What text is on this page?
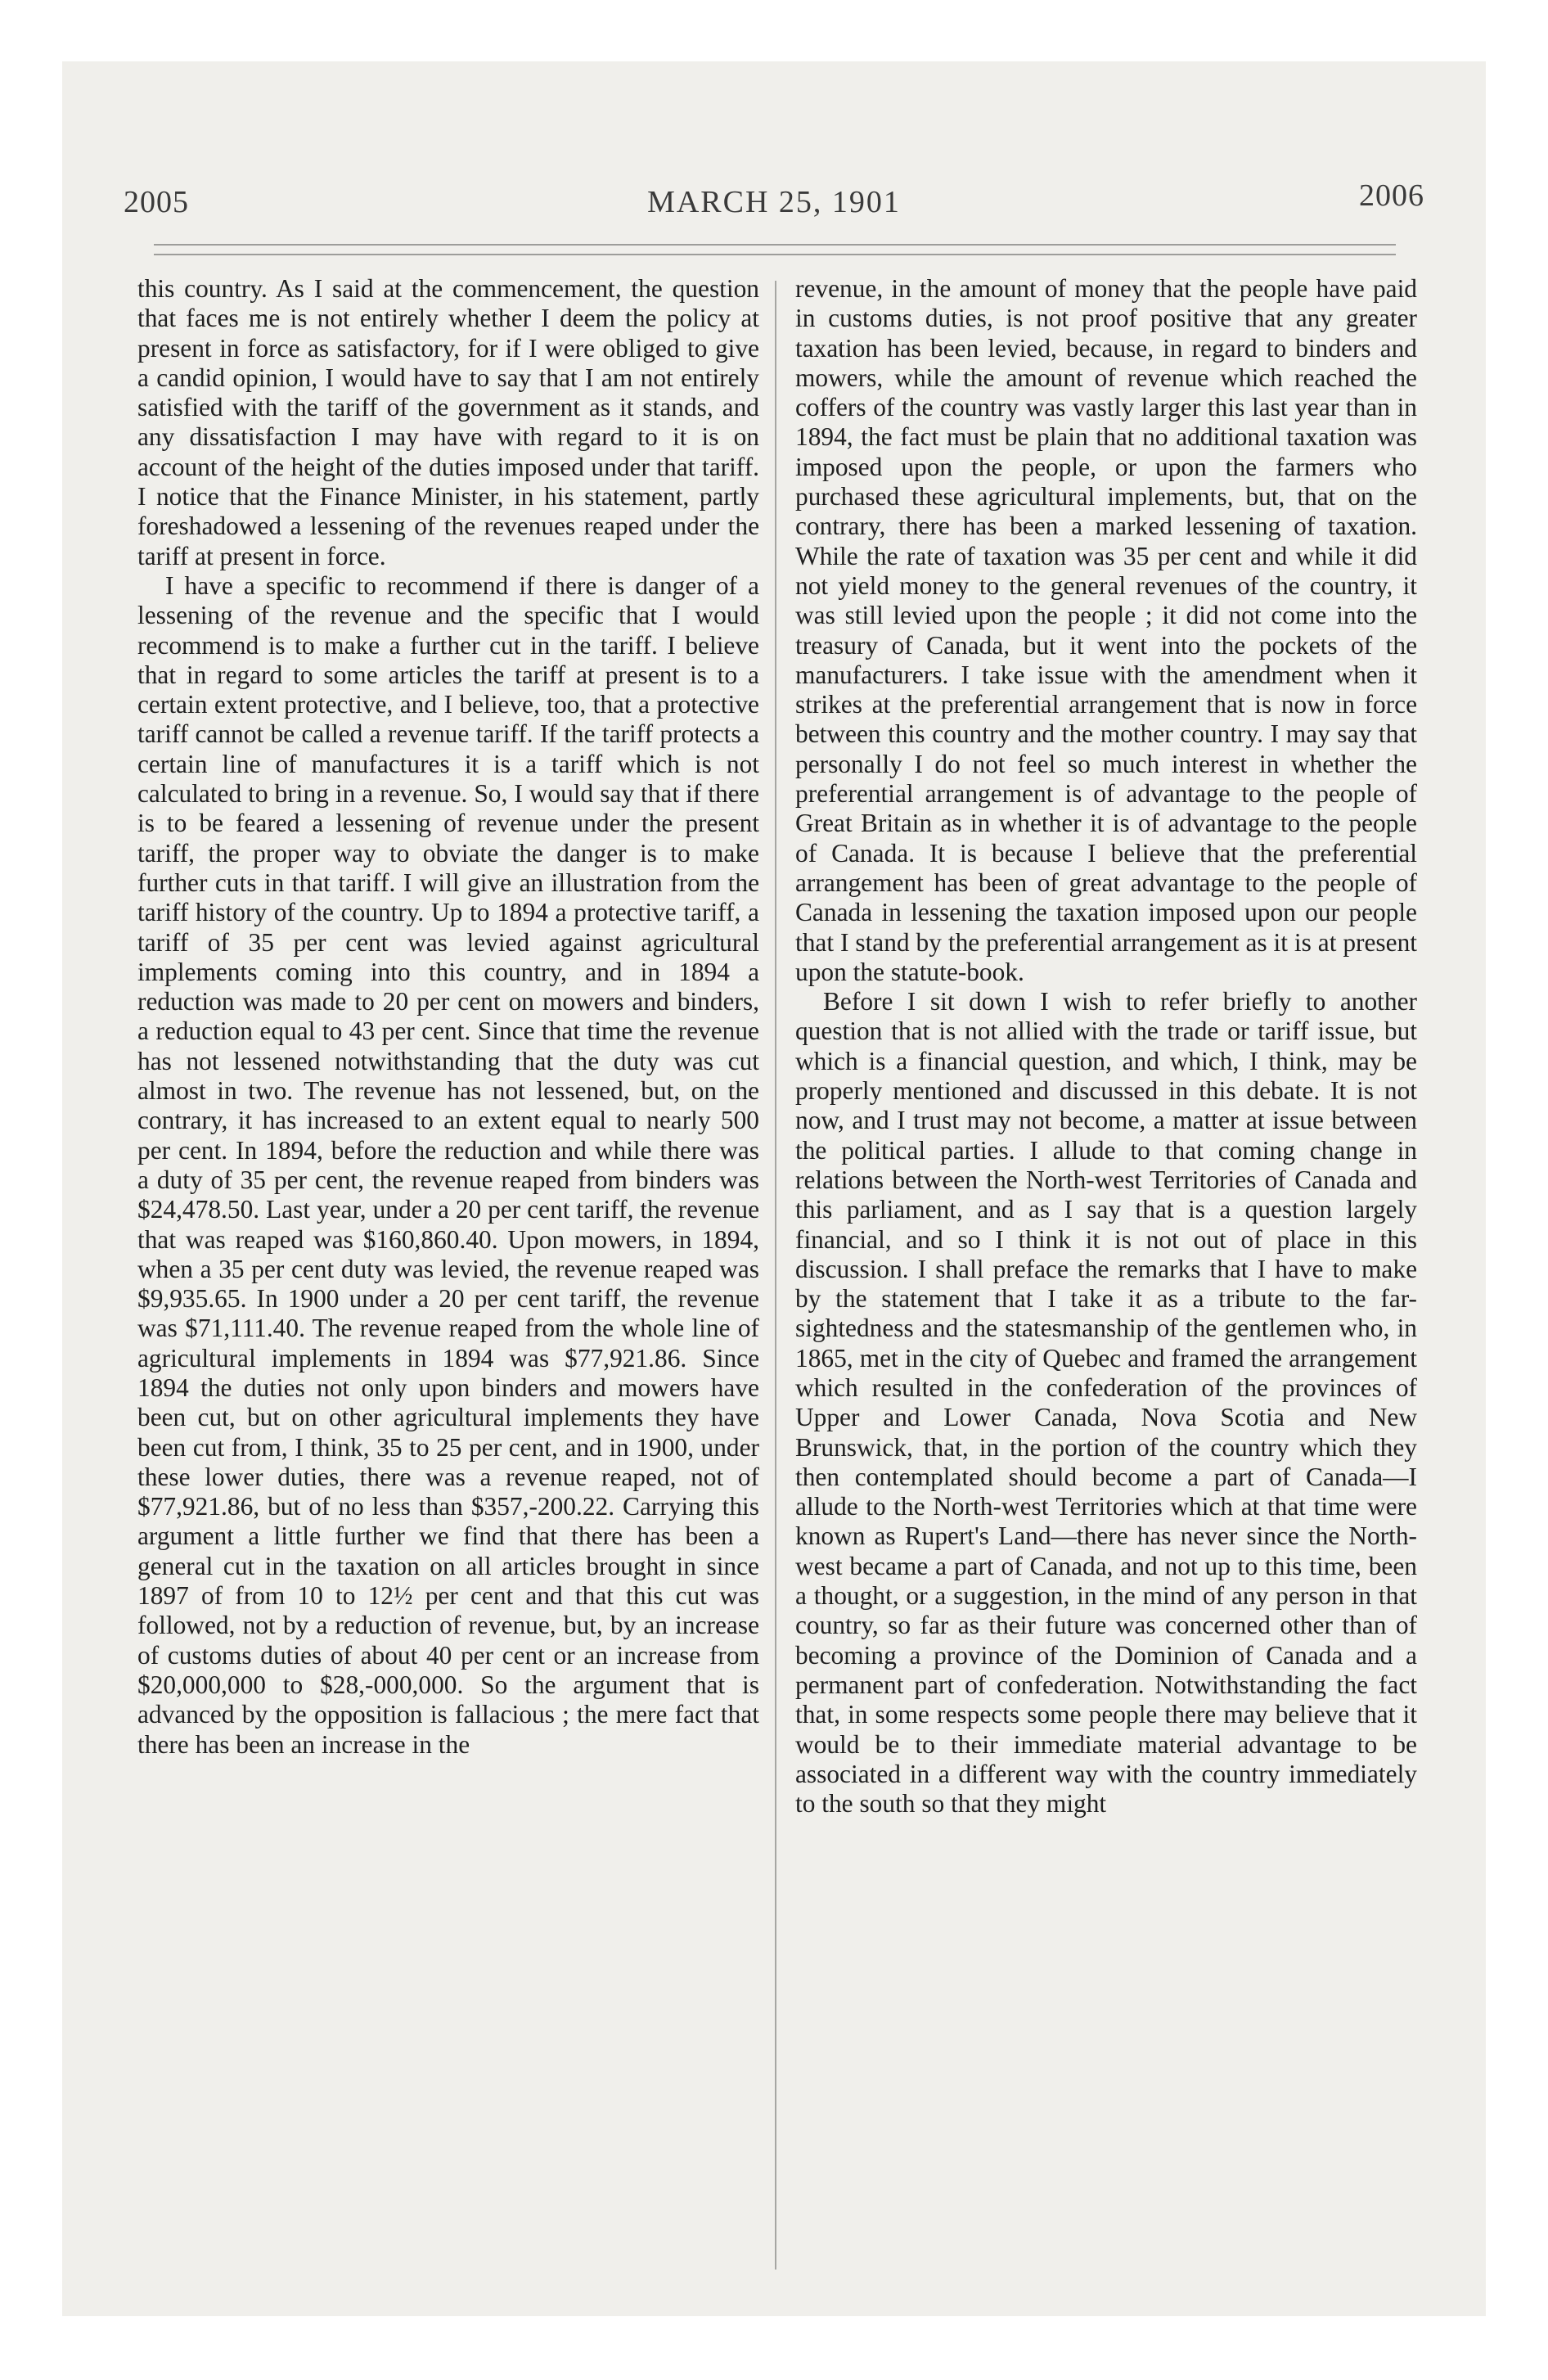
2005	MARCH 25, 1901	2006

this country. As I said at the commencement, the question that faces me is not entirely whether I deem the policy at present in force as satisfactory, for if I were obliged to give a candid opinion, I would have to say that I am not entirely satisfied with the tariff of the government as it stands, and any dissatisfaction I may have with regard to it is on account of the height of the duties imposed under that tariff. I notice that the Finance Minister, in his statement, partly foreshadowed a lessening of the revenues reaped under the tariff at present in force.

I have a specific to recommend if there is danger of a lessening of the revenue and the specific that I would recommend is to make a further cut in the tariff. I believe that in regard to some articles the tariff at present is to a certain extent protective, and I believe, too, that a protective tariff cannot be called a revenue tariff. If the tariff protects a certain line of manufactures it is a tariff which is not calculated to bring in a revenue. So, I would say that if there is to be feared a lessening of revenue under the present tariff, the proper way to obviate the danger is to make further cuts in that tariff. I will give an illustration from the tariff history of the country. Up to 1894 a protective tariff, a tariff of 35 per cent was levied against agricultural implements coming into this country, and in 1894 a reduction was made to 20 per cent on mowers and binders, a reduction equal to 43 per cent. Since that time the revenue has not lessened notwithstanding that the duty was cut almost in two. The revenue has not lessened, but, on the contrary, it has increased to an extent equal to nearly 500 per cent. In 1894, before the reduction and while there was a duty of 35 per cent, the revenue reaped from binders was $24,478.50. Last year, under a 20 per cent tariff, the revenue that was reaped was $160,860.40. Upon mowers, in 1894, when a 35 per cent duty was levied, the revenue reaped was $9,935.65. In 1900 under a 20 per cent tariff, the revenue was $71,111.40. The revenue reaped from the whole line of agricultural implements in 1894 was $77,921.86. Since 1894 the duties not only upon binders and mowers have been cut, but on other agricultural implements they have been cut from, I think, 35 to 25 per cent, and in 1900, under these lower duties, there was a revenue reaped, not of $77,921.86, but of no less than $357,-200.22. Carrying this argument a little further we find that there has been a general cut in the taxation on all articles brought in since 1897 of from 10 to 12½ per cent and that this cut was followed, not by a reduction of revenue, but, by an increase of customs duties of about 40 per cent or an increase from $20,000,000 to $28,-000,000. So the argument that is advanced by the opposition is fallacious ; the mere fact that there has been an increase in the

revenue, in the amount of money that the people have paid in customs duties, is not proof positive that any greater taxation has been levied, because, in regard to binders and mowers, while the amount of revenue which reached the coffers of the country was vastly larger this last year than in 1894, the fact must be plain that no additional taxation was imposed upon the people, or upon the farmers who purchased these agricultural implements, but, that on the contrary, there has been a marked lessening of taxation. While the rate of taxation was 35 per cent and while it did not yield money to the general revenues of the country, it was still levied upon the people ; it did not come into the treasury of Canada, but it went into the pockets of the manufacturers. I take issue with the amendment when it strikes at the preferential arrangement that is now in force between this country and the mother country. I may say that personally I do not feel so much interest in whether the preferential arrangement is of advantage to the people of Great Britain as in whether it is of advantage to the people of Canada. It is because I believe that the preferential arrangement has been of great advantage to the people of Canada in lessening the taxation imposed upon our people that I stand by the preferential arrangement as it is at present upon the statute-book.

Before I sit down I wish to refer briefly to another question that is not allied with the trade or tariff issue, but which is a financial question, and which, I think, may be properly mentioned and discussed in this debate. It is not now, and I trust may not become, a matter at issue between the political parties. I allude to that coming change in relations between the North-west Territories of Canada and this parliament, and as I say that is a question largely financial, and so I think it is not out of place in this discussion. I shall preface the remarks that I have to make by the statement that I take it as a tribute to the far-sightedness and the statesmanship of the gentlemen who, in 1865, met in the city of Quebec and framed the arrangement which resulted in the confederation of the provinces of Upper and Lower Canada, Nova Scotia and New Brunswick, that, in the portion of the country which they then contemplated should become a part of Canada—I allude to the North-west Territories which at that time were known as Rupert's Land—there has never since the North-west became a part of Canada, and not up to this time, been a thought, or a suggestion, in the mind of any person in that country, so far as their future was concerned other than of becoming a province of the Dominion of Canada and a permanent part of confederation. Notwithstanding the fact that, in some respects some people there may believe that it would be to their immediate material advantage to be associated in a different way with the country immediately to the south so that they might
